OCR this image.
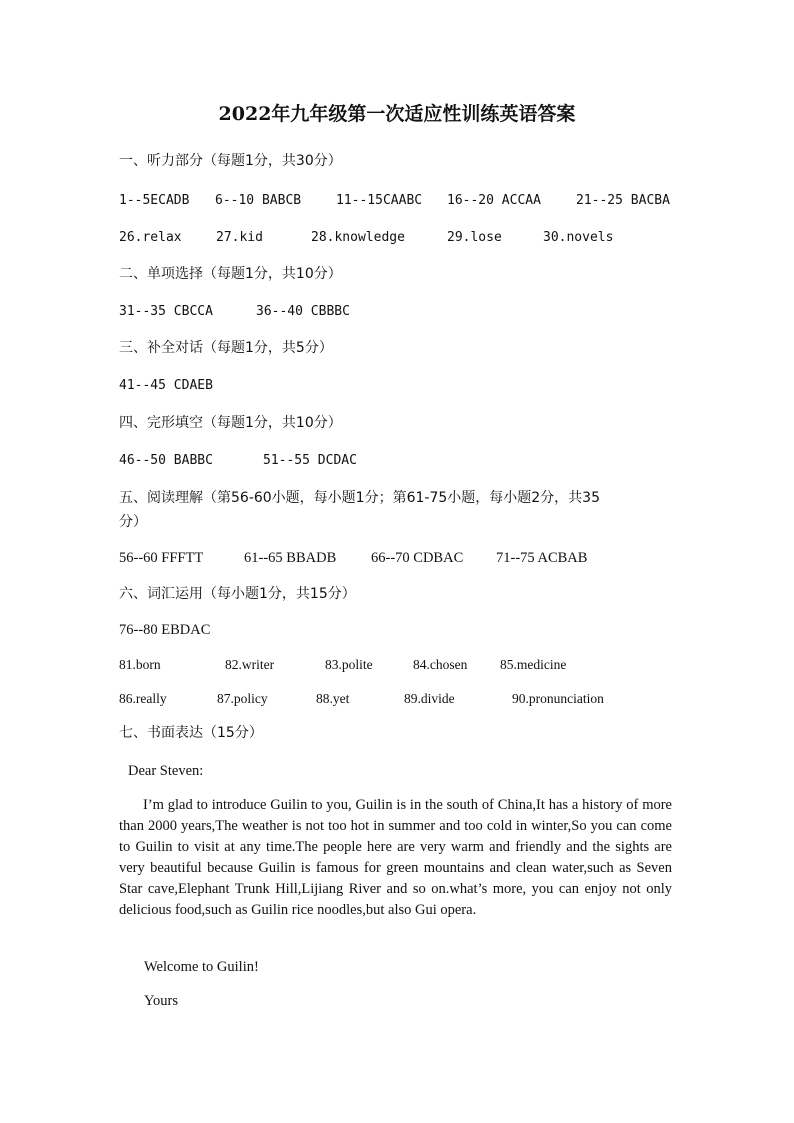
2022年九年级第一次适应性训练英语答案
一、听力部分（每题1分，共30分）
1--5ECADB 6--10 BABCB	11--15CAABC 16--20 ACCAA	21--25 BACBA
26.relax	27.kid	28.knowledge	29.lose	30.novels
二、单项选择（每题1分，共10分）
31--35 CBCCA	36--40 CBBBC
三、补全对话（每题1分，共5分）
41--45 CDAEB
四、完形填空（每题1分，共10分）
46--50 BABBC	51--55 DCDAC
五、阅读理解（第56-60小题，每小题1分；第61-75小题，每小题2分，共35
分）
56--60 FFFTT	61--65 BBADB 66--70 CDBAC 71--75 ACBAB
六、词汇运用（每小题1分，共15分）
76--80 EBDAC
81.born	82.writer	83.polite	84.chosen 85.medicine
86.really	87.policy	88.yet	89.divide	90.pronunciation
七、书面表达（15分）
Dear Steven:

I’m glad to introduce Guilin to you, Guilin is in the south of China,It has a history of more than 2000 years,The weather is not too hot in summer and too cold in winter,So you can come to Guilin to visit at any time.The people here are very warm and friendly and the sights are very beautiful because Guilin is famous for green mountains and clean water,such as Seven Star cave,Elephant Trunk Hill,Lijiang River and so on.what’s more, you can enjoy not only delicious food,such as Guilin rice noodles,but also Gui opera.

Welcome to Guilin!
Yours
